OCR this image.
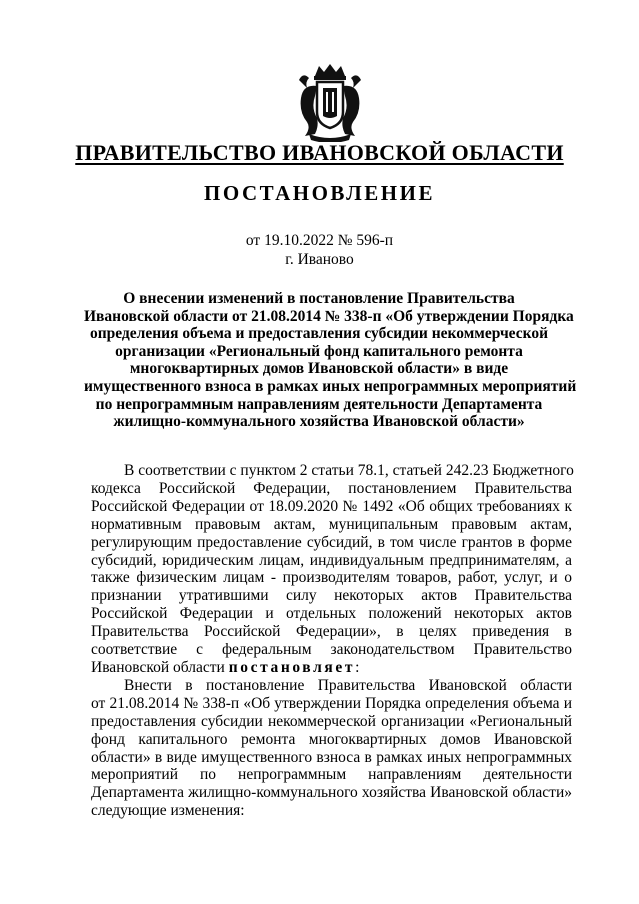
ПРАВИТЕЛЬСТВО ИВАНОВСКОЙ ОБЛАСТИ
ПОСТАНОВЛЕНИЕ
от 19.10.2022 № 596-п
г. Иваново
О внесении изменений в постановление Правительства
Ивановской области от 21.08.2014 № 338-п «Об утверждении Порядка
определения объема и предоставления субсидии некоммерческой
организации «Региональный фонд капитального ремонта
многоквартирных домов Ивановской области» в виде
имущественного взноса в рамках иных непрограммных мероприятий
по непрограммным направлениям деятельности Департамента
жилищно-коммунального хозяйства Ивановской области»
В соответствии с пунктом 2 статьи 78.1, статьей 242.23 Бюджетного
кодекса Российской Федерации, постановлением Правительства
Российской Федерации от 18.09.2020 № 1492 «Об общих требованиях к
нормативным правовым актам, муниципальным правовым актам,
регулирующим предоставление субсидий, в том числе грантов в форме
субсидий, юридическим лицам, индивидуальным предпринимателям, а
также физическим лицам - производителям товаров, работ, услуг, и о
признании утратившими силу некоторых актов Правительства
Российской Федерации и отдельных положений некоторых актов
Правительства Российской Федерации», в целях приведения в
соответствие с федеральным законодательством Правительство
Ивановской области постановляет:
Внести в постановление Правительства Ивановской области
от 21.08.2014 № 338-п «Об утверждении Порядка определения объема и
предоставления субсидии некоммерческой организации «Региональный
фонд капитального ремонта многоквартирных домов Ивановской
области» в виде имущественного взноса в рамках иных непрограммных
мероприятий по непрограммным направлениям деятельности
Департамента жилищно-коммунального хозяйства Ивановской области»
следующие изменения:
